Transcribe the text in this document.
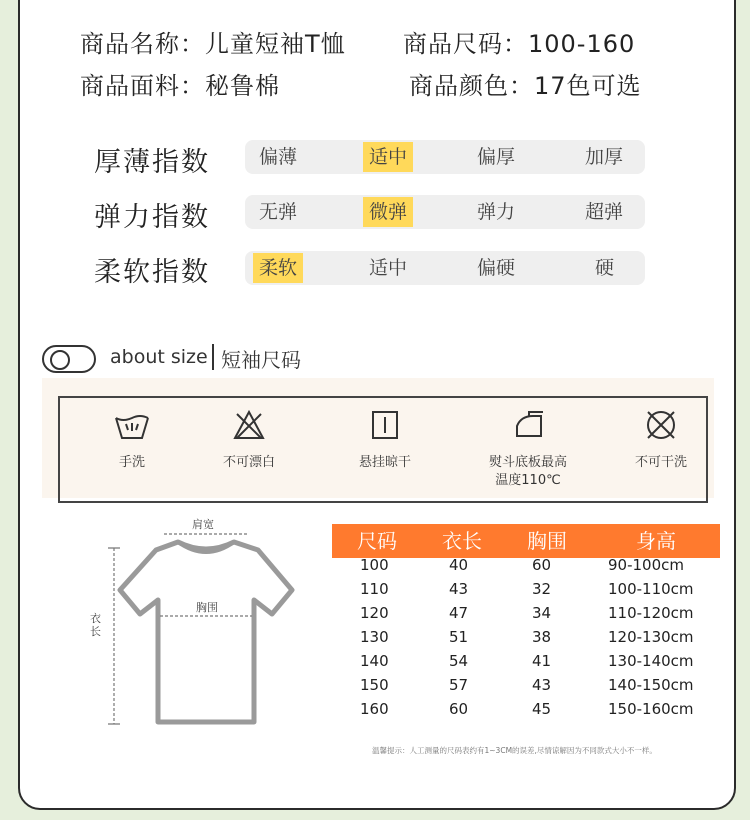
商品名称：儿童短袖T恤 商品尺码：100-160
商品面料：秘鲁棉	商品颜色：17色可选
厚薄指数	偏薄	适中	偏厚	加厚
弹力指数	无弹	微弹	弹力	超弹
柔软指数	柔软	适中	偏硬	硬
about size 短袖尺码
手洗	不可漂白	悬挂晾干	熨斗底板最高温度110℃
不可干洗
肩宽
胸围
衣长
尺码	衣长	胸围	身高
100	40	60	90-100cm
110	43	32	100-110cm
120	47	34	110-120cm
130	51	38	120-130cm
140	54	41	130-140cm
150	57	43	140-150cm
160	60	45	150-160cm
温馨提示：人工测量的尺码表约有1~3CM的误差,尽情谅解因为不同款式大小不一样。
